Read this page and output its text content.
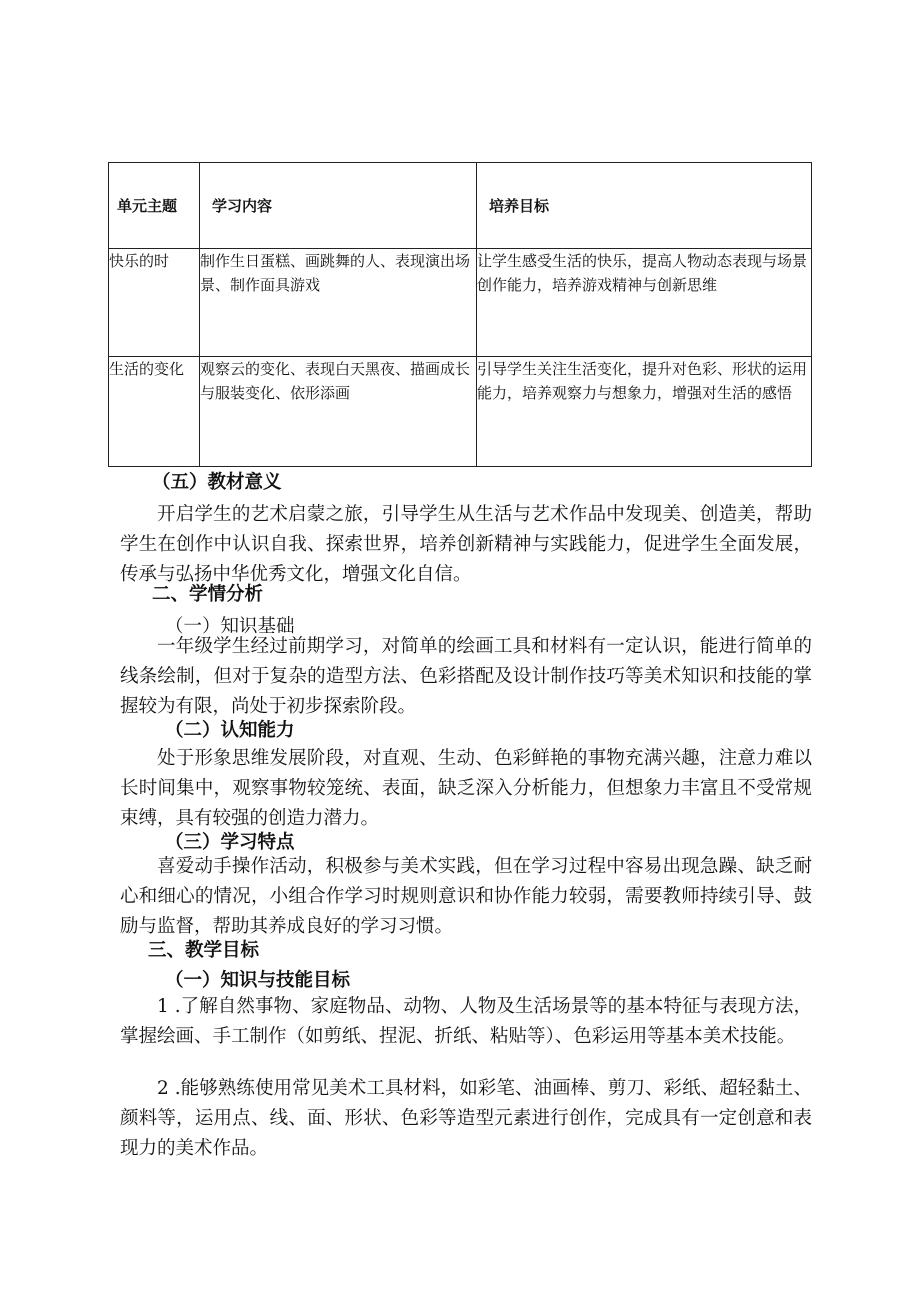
单元主题	学习内容	培养目标
快乐的时	制作生日蛋糕、画跳舞的人、表现演出场景、制作面具游戏	让学生感受生活的快乐，提高人物动态表现与场景创作能力，培养游戏精神与创新思维
生活的变化	观察云的变化、表现白天黑夜、描画成长与服装变化、依形添画	引导学生关注生活变化，提升对色彩、形状的运用能力，培养观察力与想象力，增强对生活的感悟
（五）教材意义
开启学生的艺术启蒙之旅，引导学生从生活与艺术作品中发现美、创造美，帮助学生在创作中认识自我、探索世界，培养创新精神与实践能力，促进学生全面发展，传承与弘扬中华优秀文化，增强文化自信。
二、学情分析
（一）知识基础
一年级学生经过前期学习，对简单的绘画工具和材料有一定认识，能进行简单的线条绘制，但对于复杂的造型方法、色彩搭配及设计制作技巧等美术知识和技能的掌握较为有限，尚处于初步探索阶段。
（二）认知能力
处于形象思维发展阶段，对直观、生动、色彩鲜艳的事物充满兴趣，注意力难以长时间集中，观察事物较笼统、表面，缺乏深入分析能力，但想象力丰富且不受常规束缚，具有较强的创造力潜力。
（三）学习特点
喜爱动手操作活动，积极参与美术实践，但在学习过程中容易出现急躁、缺乏耐心和细心的情况，小组合作学习时规则意识和协作能力较弱，需要教师持续引导、鼓励与监督，帮助其养成良好的学习习惯。
三、教学目标
（一）知识与技能目标
1 .了解自然事物、家庭物品、动物、人物及生活场景等的基本特征与表现方法，掌握绘画、手工制作（如剪纸、捏泥、折纸、粘贴等）、色彩运用等基本美术技能。
2 .能够熟练使用常见美术工具材料，如彩笔、油画棒、剪刀、彩纸、超轻黏土、颜料等，运用点、线、面、形状、色彩等造型元素进行创作，完成具有一定创意和表现力的美术作品。
